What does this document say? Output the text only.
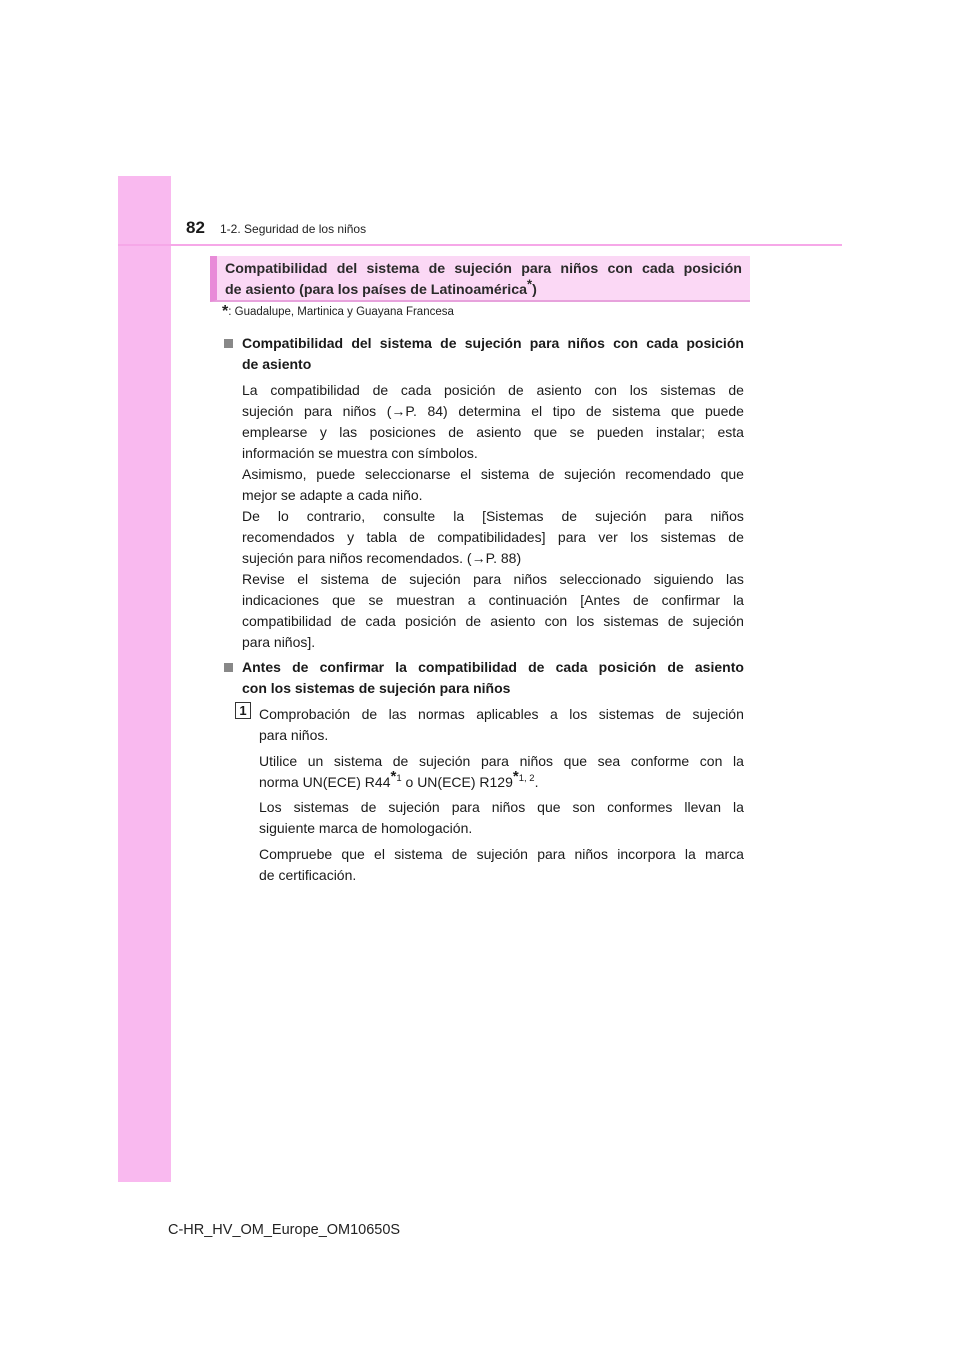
82 1-2. Seguridad de los niños
Compatibilidad del sistema de sujeción para niños con cada posición
de asiento (para los países de Latinoamérica*)
*: Guadalupe, Martinica y Guayana Francesa
Compatibilidad del sistema de sujeción para niños con cada posición
de asiento
La compatibilidad de cada posición de asiento con los sistemas de
sujeción para niños (→P. 84) determina el tipo de sistema que puede
emplearse y las posiciones de asiento que se pueden instalar; esta
información se muestra con símbolos.
Asimismo, puede seleccionarse el sistema de sujeción recomendado que
mejor se adapte a cada niño.
De lo contrario, consulte la [Sistemas de sujeción para niños
recomendados y tabla de compatibilidades] para ver los sistemas de
sujeción para niños recomendados. (→P. 88)
Revise el sistema de sujeción para niños seleccionado siguiendo las
indicaciones que se muestran a continuación [Antes de confirmar la
compatibilidad de cada posición de asiento con los sistemas de sujeción
para niños].
Antes de confirmar la compatibilidad de cada posición de asiento
con los sistemas de sujeción para niños
1 Comprobación de las normas aplicables a los sistemas de sujeción
para niños.
Utilice un sistema de sujeción para niños que sea conforme con la
norma UN(ECE) R44$^{*1}$ o UN(ECE) R129$^{*1, 2}$.
Los sistemas de sujeción para niños que son conformes llevan la
siguiente marca de homologación.
Compruebe que el sistema de sujeción para niños incorpora la marca
de certificación.
C-HR_HV_OM_Europe_OM10650S
